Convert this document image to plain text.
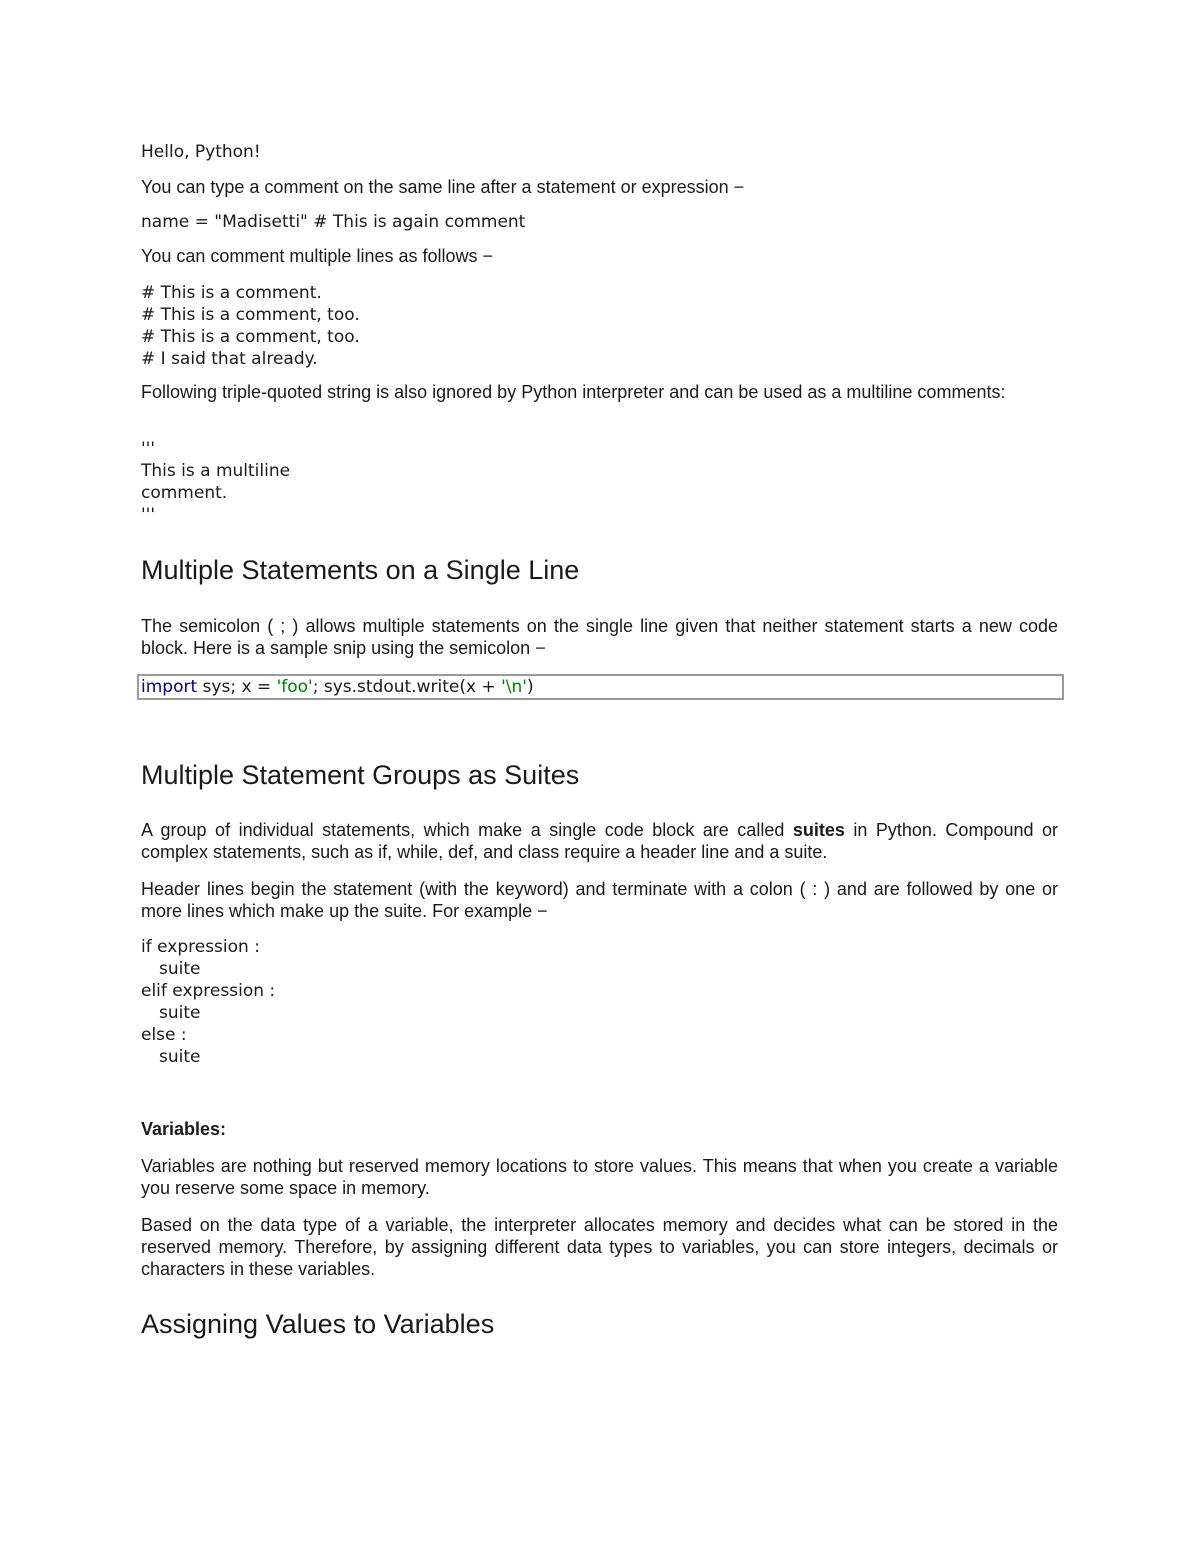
Hello, Python!

You can type a comment on the same line after a statement or expression −

name = "Madisetti" # This is again comment

You can comment multiple lines as follows −

# This is a comment.
# This is a comment, too.
# This is a comment, too.
# I said that already.

Following triple-quoted string is also ignored by Python interpreter and can be used as a multiline comments:

'''
This is a multiline
comment.
'''
Multiple Statements on a Single Line

The semicolon ( ; ) allows multiple statements on the single line given that neither statement starts a new code block. Here is a sample snip using the semicolon −

import sys; x = 'foo'; sys.stdout.write(x + '\n')
Multiple Statement Groups as Suites

A group of individual statements, which make a single code block are called suites in Python. Compound or complex statements, such as if, while, def, and class require a header line and a suite.

Header lines begin the statement (with the keyword) and terminate with a colon ( : ) and are followed by one or more lines which make up the suite. For example −

if expression :
suite
elif expression :
suite
else :
suite

Variables:

Variables are nothing but reserved memory locations to store values. This means that when you create a variable you reserve some space in memory.

Based on the data type of a variable, the interpreter allocates memory and decides what can be stored in the reserved memory. Therefore, by assigning different data types to variables, you can store integers, decimals or characters in these variables.

Assigning Values to Variables
